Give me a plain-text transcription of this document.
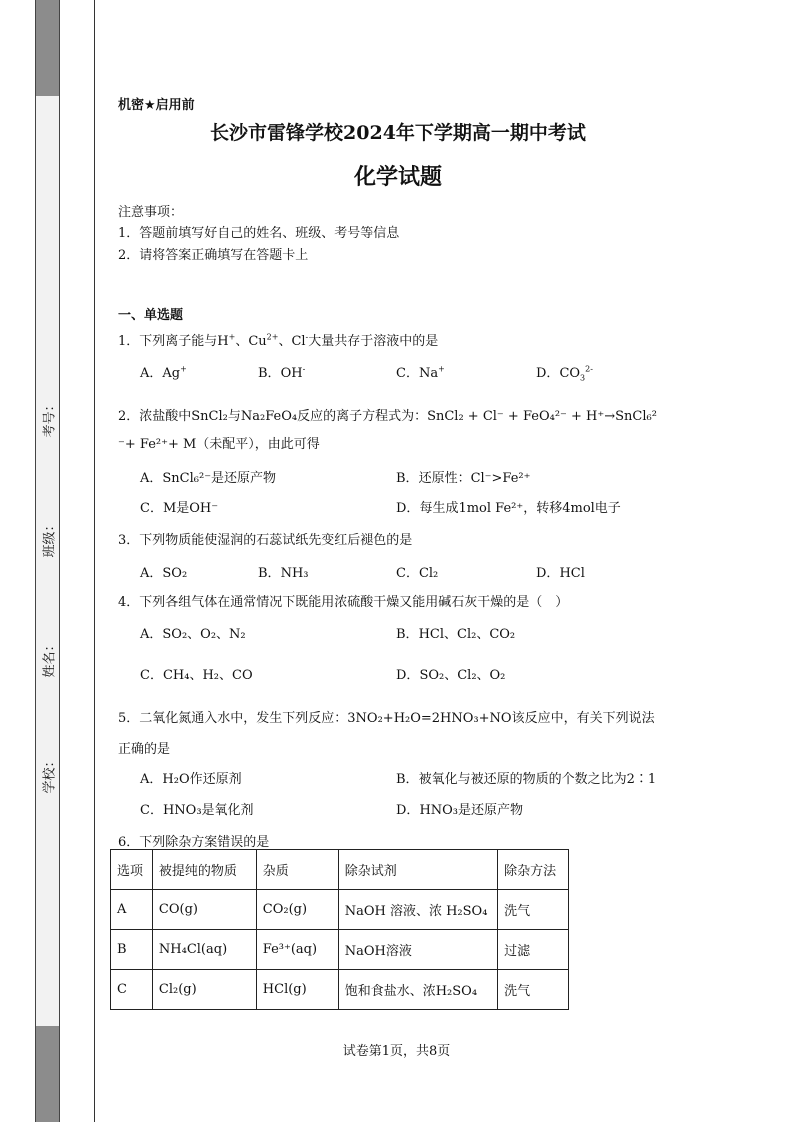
机密★启用前
长沙市雷锋学校2024年下学期高一期中考试
化学试题
注意事项：
1．答题前填写好自己的姓名、班级、考号等信息
2．请将答案正确填写在答题卡上
一、单选题
1．下列离子能与H+、$Cu^{2+}$、Cl-大量共存于溶液中的是
A．Ag+	B．OH-	C．Na+	D．$CO_3^{2-}$
2．浓盐酸中SnCl₂与Na₂FeO₄反应的离子方程式为：SnCl₂ + Cl⁻ + FeO₄²⁻ + H⁺→SnCl₆²
⁻+ Fe²⁺+ M（未配平），由此可得
A．SnCl₆²⁻是还原产物	B．还原性：Cl⁻>Fe²⁺
C．M是OH⁻	D．每生成1mol Fe²⁺，转移4mol电子
3．下列物质能使湿润的石蕊试纸先变红后褪色的是
A．SO₂	B．NH₃	C．Cl₂	D．HCl
4．下列各组气体在通常情况下既能用浓硫酸干燥又能用碱石灰干燥的是（　）
A．SO₂、O₂、N₂	B．HCl、Cl₂、CO₂
C．CH₄、H₂、CO	D．SO₂、Cl₂、O₂
5．二氧化氮通入水中，发生下列反应：3NO₂+H₂O=2HNO₃+NO该反应中，有关下列说法
正确的是
A．H₂O作还原剂	B．被氧化与被还原的物质的个数之比为2∶1
C．HNO₃是氧化剂	D．HNO₃是还原产物
6．下列除杂方案错误的是
选项	被提纯的物质	杂质	除杂试剂	除杂方法
A	CO(g)	CO₂(g)	NaOH 溶液、浓 H₂SO₄	洗气
B	NH₄Cl(aq)	Fe³⁺(aq)	NaOH溶液	过滤
C	Cl₂(g)	HCl(g)	饱和食盐水、浓H₂SO₄	洗气
试卷第1页，共8页
